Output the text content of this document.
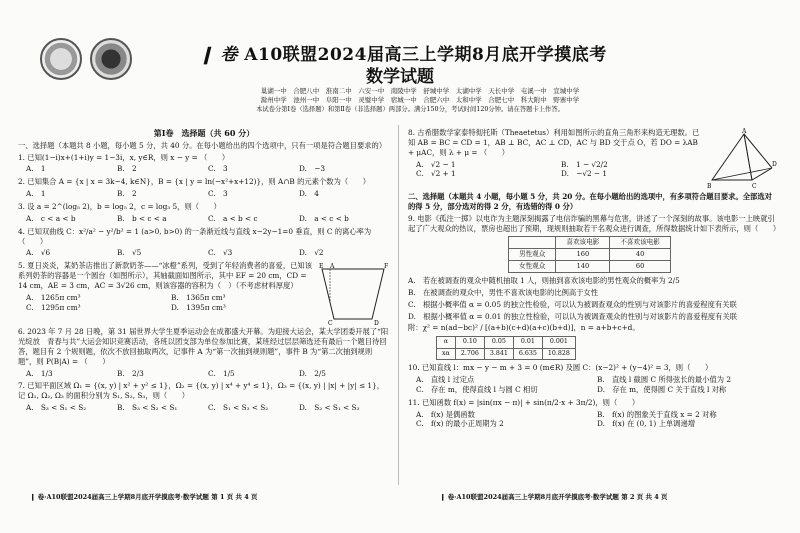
❙ 卷 A10联盟2024届高三上学期8月底开学摸底考
数学试题
巢湖一中　合肥八中　淮南二中　六安一中　南陵中学　舒城中学　太湖中学　天长中学　屯溪一中　宣城中学
滁州中学　池州一中　阜阳一中　灵璧中学　宿城一中　合肥六中　太和中学　合肥七中　科大附中　野寨中学
本试卷分第Ⅰ卷（选择题）和第Ⅱ卷（非选择题）两部分。满分150分，考试时间120分钟。请在答题卡上作答。
第Ⅰ卷　选择题（共 60 分）

一、选择题（本题共 8 小题，每小题 5 分，共 40 分。在每小题给出的四个选项中，只有一项是符合题目要求的）

1. 已知(1−i)x+(1+i)y = 1−3i，x, y∈R，则 x − y = （　　）

A.　1	B.　2	C.　3	D.　−3

2. 已知集合 A = {x | x = 3k−4, k∈N}，B = {x | y = ln(−x²+x+12)}，则 A∩B 的元素个数为（　　）

A.　1	B.　2	C.　3	D.　4

3. 设 a = 2^(log₅ 2)，b = log₅ 2，c = log₃ 5，则（　　）

A.　c < a < b	B.　b < c < a	C.　a < b < c	D.　a < c < b

4. 已知双曲线 C：x²/a² − y²/b² = 1 (a>0, b>0) 的一条渐近线与直线 x−2y−1=0 垂直，则 C 的离心率为（　　）

A.　√6	B.　√5	C.　√3	D.　√2

5. 夏日炎炎，某奶茶店推出了新款奶茶——“冰橙”系列，受到了年轻消费者的喜爱，已知该系列奶茶的容器是一个圆台（如图所示），其轴截面如图所示，其中 EF = 20 cm，CD = 14 cm，AE = 3 cm，AC = 3√26 cm，则该容器的容积为（　）（不考虑材料厚度）

A.　1265π cm³	B.　1365π cm³
C.　1295π cm³	D.　1395π cm³
E A	F
C	D

6. 2023 年 7 月 28 日晚，第 31 届世界大学生夏季运动会在成都盛大开幕。为迎接大运会，某大学团委开展了“阳光绽放　青春与共”大运会知识竞赛活动，各班以团支部为单位参加比赛，某班经过层层筛选还有最后一个题目待回答，题目有 2 个规则题，依次不放回抽取两次，记事件 A 为“第一次抽到规则题”，事件 B 为“第二次抽到规则题”，则 P(B|A) = （　　）

A.　1/3	B.　2/3	C.　1/5	D.　2/5

7. 已知平面区域 Ω₁ = {(x, y) | x² + y² ≤ 1}，Ω₂ = {(x, y) | x⁴ + y⁴ ≤ 1}，Ω₃ = {(x, y) | |x| + |y| ≤ 1}，记 Ω₁, Ω₂, Ω₃ 的面积分别为 S₁, S₂, S₃，则（　　）

A.　S₃ < S₁ < S₂	B.　S₃ < S₂ < S₁	C.　S₁ < S₃ < S₂	D.　S₂ < S₁ < S₃

8. 古希腊数学家泰特彻托斯（Theaetetus）利用如图所示的直角三角形来构造无理数。已知 AB = BC = CD = 1，AB ⊥ BC，AC ⊥ CD，AC 与 BD 交于点 O，若 DO = λAB + μAC，则 λ + μ = （　　）

A.　√2 − 1	B.　1 − √2/2
C.　√2 + 1	D.　−√2 − 1
A
B	C
D

二、选择题（本题共 4 小题，每小题 5 分，共 20 分。在每小题给出的选项中，有多项符合题目要求。全部选对的得 5 分，部分选对的得 2 分，有选错的得 0 分）

9. 电影《孤注一掷》以电诈为主题深刻揭露了电信诈骗的黑幕与危害，讲述了一个深刻的故事。该电影一上映就引起了广大观众的热议，票房也超出了预期，现规则抽取若干名观众进行调查，所得数据统计如下表所示，则（　　）

	喜欢该电影	不喜欢该电影
男性观众	160	40
女性观众	140	60

A.　若在被调查的观众中随机抽取 1 人，则抽到喜欢该电影的男性观众的概率为 2/5

B.　在被调查的观众中，男性不喜欢该电影的比例高于女性

C.　根据小概率值 α = 0.05 的独立性检验，可以认为被调查观众的性别与对该影片的喜爱程度有关联

D.　根据小概率值 α = 0.01 的独立性检验，可以认为被调查观众的性别与对该影片的喜爱程度有关联

附：χ² = n(ad−bc)² / [(a+b)(c+d)(a+c)(b+d)]，n = a+b+c+d。

α	0.10	0.05	0.01	0.001
xα	2.706	3.841	6.635	10.828

10. 已知直线 l：mx − y − m + 3 = 0 (m∈R) 及圆 C：(x−2)² + (y−4)² = 3，则（　　）

A.　直线 l 过定点	B.　直线 l 截圆 C 所得弦长的最小值为 2
C.　存在 m，使得直线 l 与圆 C 相切	D.　存在 m，使得圆 C 关于直线 l 对称

11. 已知函数 f(x) = |sin(πx − π)| + sin(π/2·x + 3π/2)，则（　　）

A.　f(x) 是偶函数	B.　f(x) 的图象关于直线 x = 2 对称
C.　f(x) 的最小正周期为 2	D.　f(x) 在 (0, 1) 上单调递增
❙ 卷·A10联盟2024届高三上学期8月底开学摸底考·数学试题 第 1 页 共 4 页	❙ 卷·A10联盟2024届高三上学期8月底开学摸底考·数学试题 第 2 页 共 4 页
